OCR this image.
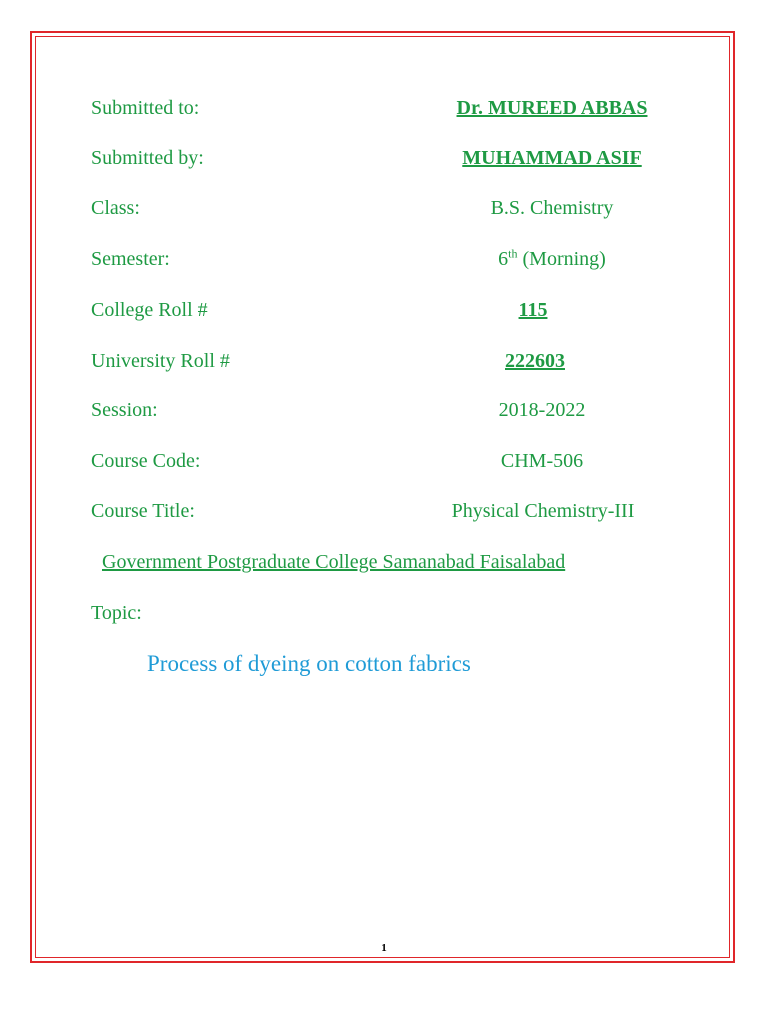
Submitted to:	Dr. MUREED ABBAS
Submitted by:	MUHAMMAD ASIF
Class:	B.S. Chemistry
Semester:	6th (Morning)
College Roll #	115
University Roll #	222603
Session:	2018-2022
Course Code:	CHM-506
Course Title:	Physical Chemistry-III
Government Postgraduate College Samanabad Faisalabad
Topic:
Process of dyeing on cotton fabrics
1
